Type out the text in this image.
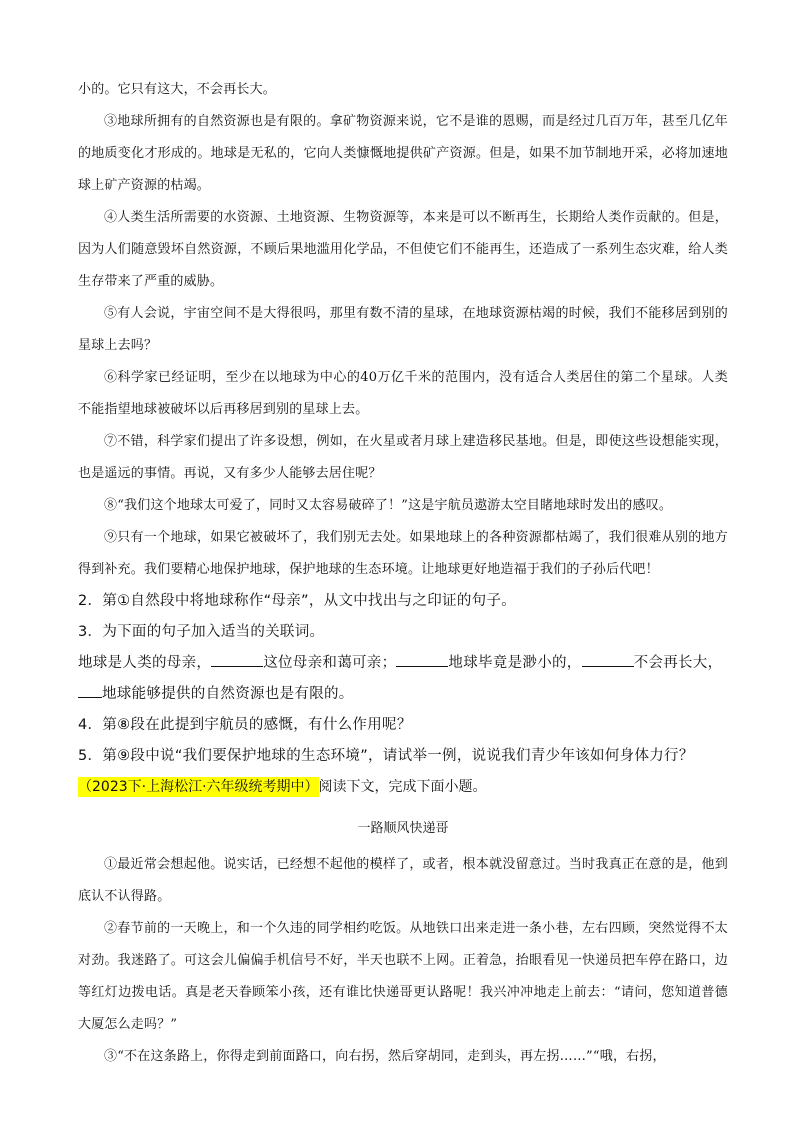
小的。它只有这大，不会再长大。

③地球所拥有的自然资源也是有限的。拿矿物资源来说，它不是谁的恩赐，而是经过几百万年，甚至几亿年的地质变化才形成的。地球是无私的，它向人类慷慨地提供矿产资源。但是，如果不加节制地开采，必将加速地球上矿产资源的枯竭。

④人类生活所需要的水资源、土地资源、生物资源等，本来是可以不断再生，长期给人类作贡献的。但是，因为人们随意毁坏自然资源，不顾后果地滥用化学品，不但使它们不能再生，还造成了一系列生态灾难，给人类生存带来了严重的威胁。

⑤有人会说，宇宙空间不是大得很吗，那里有数不清的星球，在地球资源枯竭的时候，我们不能移居到别的星球上去吗？

⑥科学家已经证明，至少在以地球为中心的40万亿千米的范围内，没有适合人类居住的第二个星球。人类不能指望地球被破坏以后再移居到别的星球上去。

⑦不错，科学家们提出了许多设想，例如，在火星或者月球上建造移民基地。但是，即使这些设想能实现，也是遥远的事情。再说，又有多少人能够去居住呢？

⑧“我们这个地球太可爱了，同时又太容易破碎了！”这是宇航员遨游太空目睹地球时发出的感叹。

⑨只有一个地球，如果它被破坏了，我们别无去处。如果地球上的各种资源都枯竭了，我们很难从别的地方得到补充。我们要精心地保护地球，保护地球的生态环境。让地球更好地造福于我们的子孙后代吧！

2．第①自然段中将地球称作“母亲”，从文中找出与之印证的句子。

3．为下面的句子加入适当的关联词。

地球是人类的母亲，	这位母亲和蔼可亲；	地球毕竟是渺小的，	不会再长大，地球能够提供的自然资源也是有限的。

4．第⑧段在此提到宇航员的感慨，有什么作用呢？

5．第⑨段中说“我们要保护地球的生态环境”，请试举一例，说说我们青少年该如何身体力行？

（2023下·上海松江·六年级统考期中）阅读下文，完成下面小题。

一路顺风快递哥

①最近常会想起他。说实话，已经想不起他的模样了，或者，根本就没留意过。当时我真正在意的是，他到底认不认得路。

②春节前的一天晚上，和一个久违的同学相约吃饭。从地铁口出来走进一条小巷，左右四顾，突然觉得不太对劲。我迷路了。可这会儿偏偏手机信号不好，半天也联不上网。正着急，抬眼看见一快递员把车停在路口，边等红灯边拨电话。真是老天眷顾笨小孩，还有谁比快递哥更认路呢！我兴冲冲地走上前去：“请问，您知道普德大厦怎么走吗？”

③“不在这条路上，你得走到前面路口，向右拐，然后穿胡同，走到头，再左拐……”“哦，右拐，
